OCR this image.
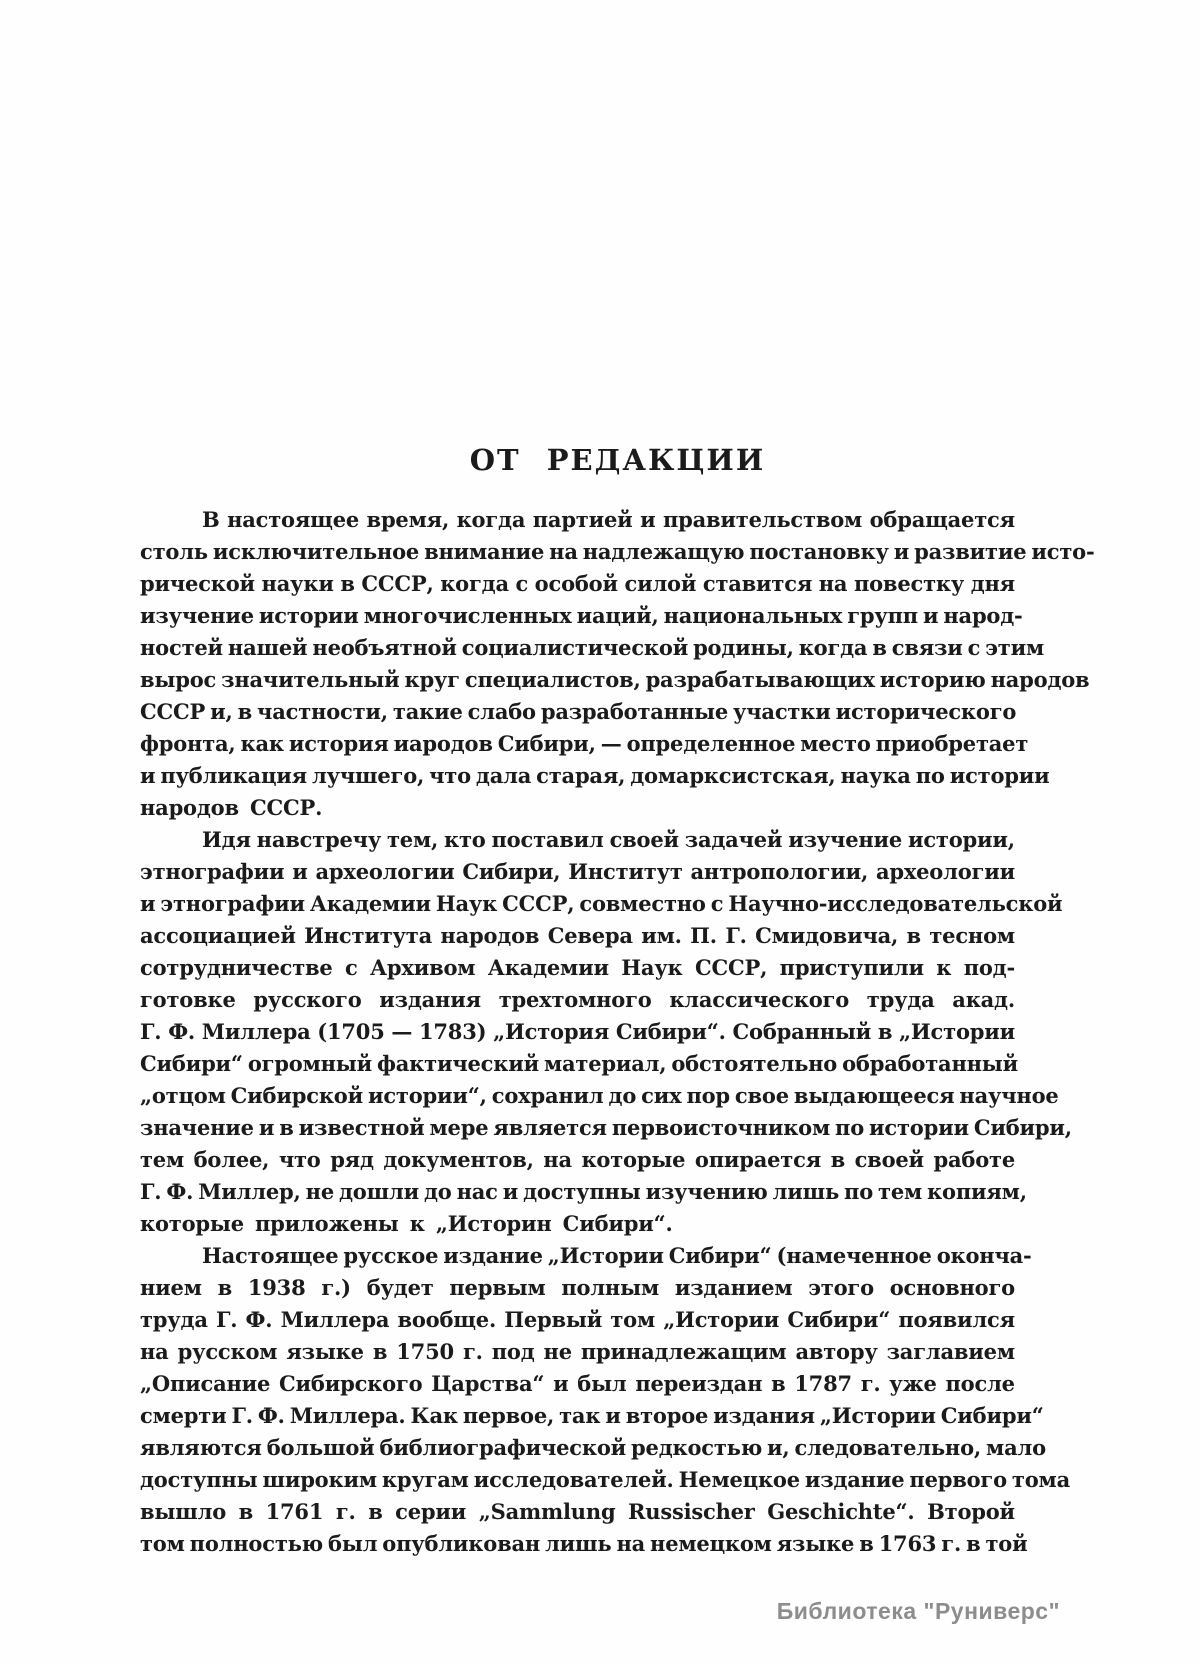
ОТ РЕДАКЦИИ
В настоящее время, когда партией и правительством обращается
столь исключительное внимание на надлежащую постановку и развитие исто-
рической науки в СССР, когда с особой силой ставится на повестку дня
изучение истории многочисленных иаций, национальных групп и народ-
ностей нашей необъятной социалистической родины, когда в связи с этим
вырос значительный круг специалистов, разрабатывающих историю народов
СССР и, в частности, такие слабо разработанные участки исторического
фронта, как история иародов Сибири, — определенное место приобретает
и публикация лучшего, что дала старая, домарксистская, наука по истории
народов СССР.
Идя навстречу тем, кто поставил своей задачей изучение истории,
этнографии и археологии Сибири, Институт антропологии, археологии
и этнографии Академии Наук СССР, совместно с Научно-исследовательской
ассоциацией Института народов Севера им. П. Г. Смидовича, в тесном
сотрудничестве с Архивом Академии Наук СССР, приступили к под-
готовке русского издания трехтомного классического труда акад.
Г. Ф. Миллера (1705 — 1783) „История Сибири“. Собранный в „Истории
Сибири“ огромный фактический материал, обстоятельно обработанный
„отцом Сибирской истории“, сохранил до сих пор свое выдающееся научное
значение и в известной мере является первоисточником по истории Сибири,
тем более, что ряд документов, на которые опирается в своей работе
Г. Ф. Миллер, не дошли до нас и доступны изучению лишь по тем копиям,
которые приложены к „Историн Сибири“.
Настоящее русское издание „Истории Сибири“ (намеченное оконча-
нием в 1938 г.) будет первым полным изданием этого основного
труда Г. Ф. Миллера вообще. Первый том „Истории Сибири“ появился
на русском языке в 1750 г. под не принадлежащим автору заглавием
„Описание Сибирского Царства“ и был переиздан в 1787 г. уже после
смерти Г. Ф. Миллера. Как первое, так и второе издания „Истории Сибири“
являются большой библиографической редкостью и, следовательно, мало
доступны широким кругам исследователей. Немецкое издание первого тома
вышло в 1761 г. в серии „Sammlung Russischer Geschichte“. Второй
том полностью был опубликован лишь на немецком языке в 1763 г. в той
Библиотека "Руниверс"
